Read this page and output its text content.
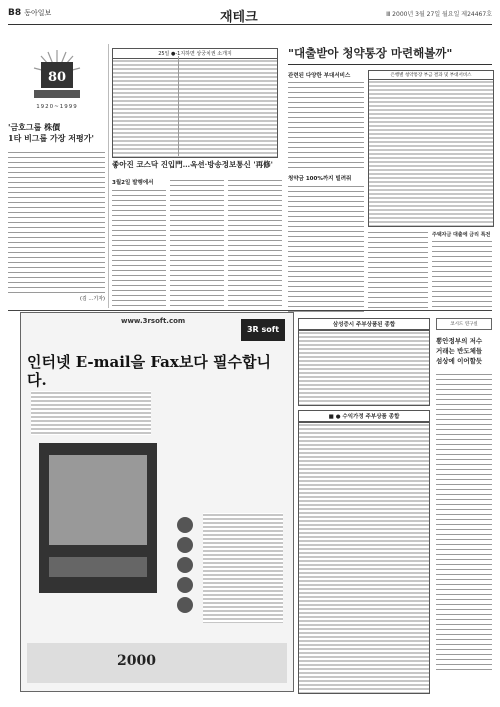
B8 동아일보	재테크	Ⅲ 2000년 3월 27일 월요일 제24467호
80
1920~1999
'금호그룹 株價
1타 비그룹 가장 저평가'
(김 …기자)
25일 ●-1지하면 상궁치권 소개지	"대출받아 청약통장 마련해볼까"
관련된 다양한 부대서비스
청약금 100%까지 빌려줘
은행별 청약통장 부금 결과 및 부대서비스
주택자금 대출에 금리 특전
좋아진 코스닥 진입門…옥션·방송정보통신 '再修'
3월2일 발행에서
www.3rsoft.com
3R soft
인터넷 E-mail을 Fax보다 필수합니다.
2000
삼성증시 주부상품된 종합
■ ● 수익가정 주부상품 종합
코시드 연구실
뽕안정부의 저수
거래는 반도체들
섬상에 이어할듯
